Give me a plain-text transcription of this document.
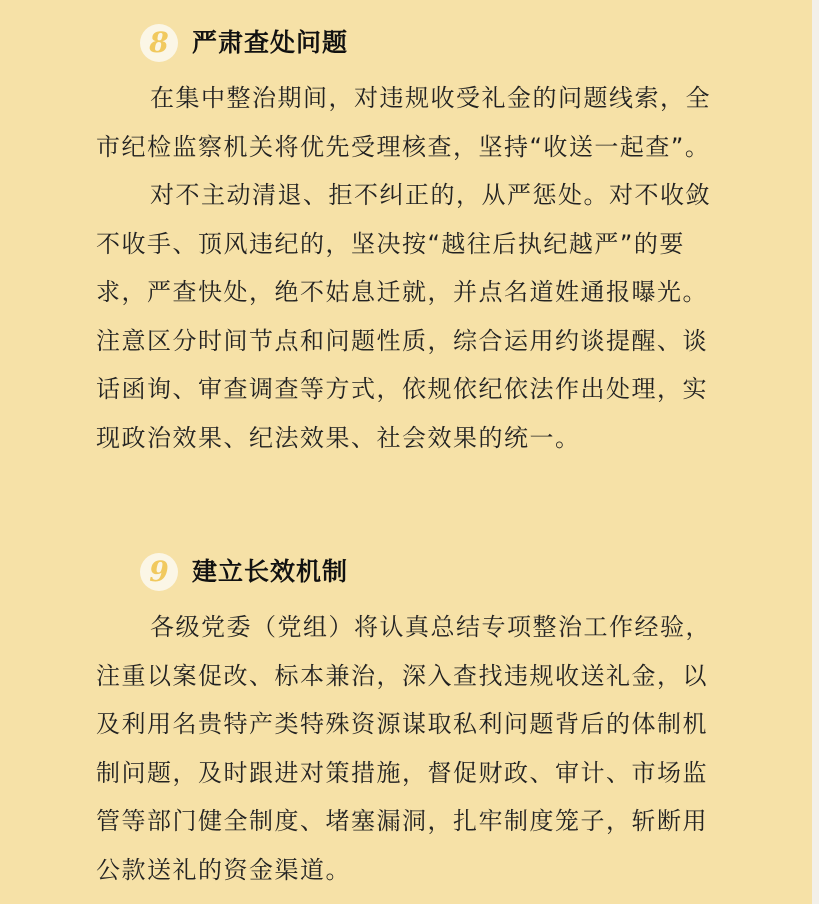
8 严肃查处问题

在集中整治期间，对违规收受礼金的问题线索，全市纪检监察机关将优先受理核查，坚持“收送一起查”。

对不主动清退、拒不纠正的，从严惩处。对不收敛不收手、顶风违纪的，坚决按“越往后执纪越严”的要求，严查快处，绝不姑息迁就，并点名道姓通报曝光。注意区分时间节点和问题性质，综合运用约谈提醒、谈话函询、审查调查等方式，依规依纪依法作出处理，实现政治效果、纪法效果、社会效果的统一。

9 建立长效机制

各级党委（党组）将认真总结专项整治工作经验，注重以案促改、标本兼治，深入查找违规收送礼金，以及利用名贵特产类特殊资源谋取私利问题背后的体制机制问题，及时跟进对策措施，督促财政、审计、市场监管等部门健全制度、堵塞漏洞，扎牢制度笼子，斩断用公款送礼的资金渠道。
